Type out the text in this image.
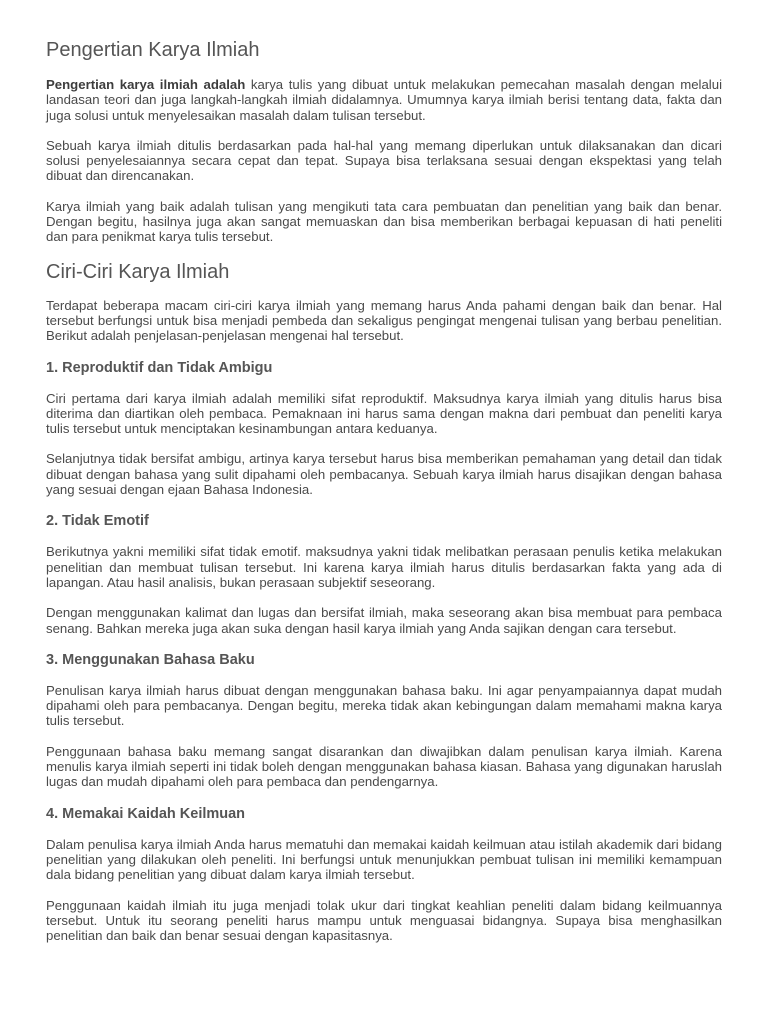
Pengertian Karya Ilmiah

Pengertian karya ilmiah adalah karya tulis yang dibuat untuk melakukan pemecahan masalah dengan melalui landasan teori dan juga langkah-langkah ilmiah didalamnya. Umumnya karya ilmiah berisi tentang data, fakta dan juga solusi untuk menyelesaikan masalah dalam tulisan tersebut.

Sebuah karya ilmiah ditulis berdasarkan pada hal-hal yang memang diperlukan untuk dilaksanakan dan dicari solusi penyelesaiannya secara cepat dan tepat. Supaya bisa terlaksana sesuai dengan ekspektasi yang telah dibuat dan direncanakan.

Karya ilmiah yang baik adalah tulisan yang mengikuti tata cara pembuatan dan penelitian yang baik dan benar. Dengan begitu, hasilnya juga akan sangat memuaskan dan bisa memberikan berbagai kepuasan di hati peneliti dan para penikmat karya tulis tersebut.

Ciri-Ciri Karya Ilmiah

Terdapat beberapa macam ciri-ciri karya ilmiah yang memang harus Anda pahami dengan baik dan benar. Hal tersebut berfungsi untuk bisa menjadi pembeda dan sekaligus pengingat mengenai tulisan yang berbau penelitian. Berikut adalah penjelasan-penjelasan mengenai hal tersebut.

1. Reproduktif dan Tidak Ambigu

Ciri pertama dari karya ilmiah adalah memiliki sifat reproduktif. Maksudnya karya ilmiah yang ditulis harus bisa diterima dan diartikan oleh pembaca. Pemaknaan ini harus sama dengan makna dari pembuat dan peneliti karya tulis tersebut untuk menciptakan kesinambungan antara keduanya.

Selanjutnya tidak bersifat ambigu, artinya karya tersebut harus bisa memberikan pemahaman yang detail dan tidak dibuat dengan bahasa yang sulit dipahami oleh pembacanya. Sebuah karya ilmiah harus disajikan dengan bahasa yang sesuai dengan ejaan Bahasa Indonesia.

2. Tidak Emotif

Berikutnya yakni memiliki sifat tidak emotif. maksudnya yakni tidak melibatkan perasaan penulis ketika melakukan penelitian dan membuat tulisan tersebut. Ini karena karya ilmiah harus ditulis berdasarkan fakta yang ada di lapangan. Atau hasil analisis, bukan perasaan subjektif seseorang.

Dengan menggunakan kalimat dan lugas dan bersifat ilmiah, maka seseorang akan bisa membuat para pembaca senang. Bahkan mereka juga akan suka dengan hasil karya ilmiah yang Anda sajikan dengan cara tersebut.

3. Menggunakan Bahasa Baku

Penulisan karya ilmiah harus dibuat dengan menggunakan bahasa baku. Ini agar penyampaiannya dapat mudah dipahami oleh para pembacanya. Dengan begitu, mereka tidak akan kebingungan dalam memahami makna karya tulis tersebut.

Penggunaan bahasa baku memang sangat disarankan dan diwajibkan dalam penulisan karya ilmiah. Karena menulis karya ilmiah seperti ini tidak boleh dengan menggunakan bahasa kiasan. Bahasa yang digunakan haruslah lugas dan mudah dipahami oleh para pembaca dan pendengarnya.

4. Memakai Kaidah Keilmuan

Dalam penulisa karya ilmiah Anda harus mematuhi dan memakai kaidah keilmuan atau istilah akademik dari bidang penelitian yang dilakukan oleh peneliti. Ini berfungsi untuk menunjukkan pembuat tulisan ini memiliki kemampuan dala bidang penelitian yang dibuat dalam karya ilmiah tersebut.

Penggunaan kaidah ilmiah itu juga menjadi tolak ukur dari tingkat keahlian peneliti dalam bidang keilmuannya tersebut. Untuk itu seorang peneliti harus mampu untuk menguasai bidangnya. Supaya bisa menghasilkan penelitian dan baik dan benar sesuai dengan kapasitasnya.
